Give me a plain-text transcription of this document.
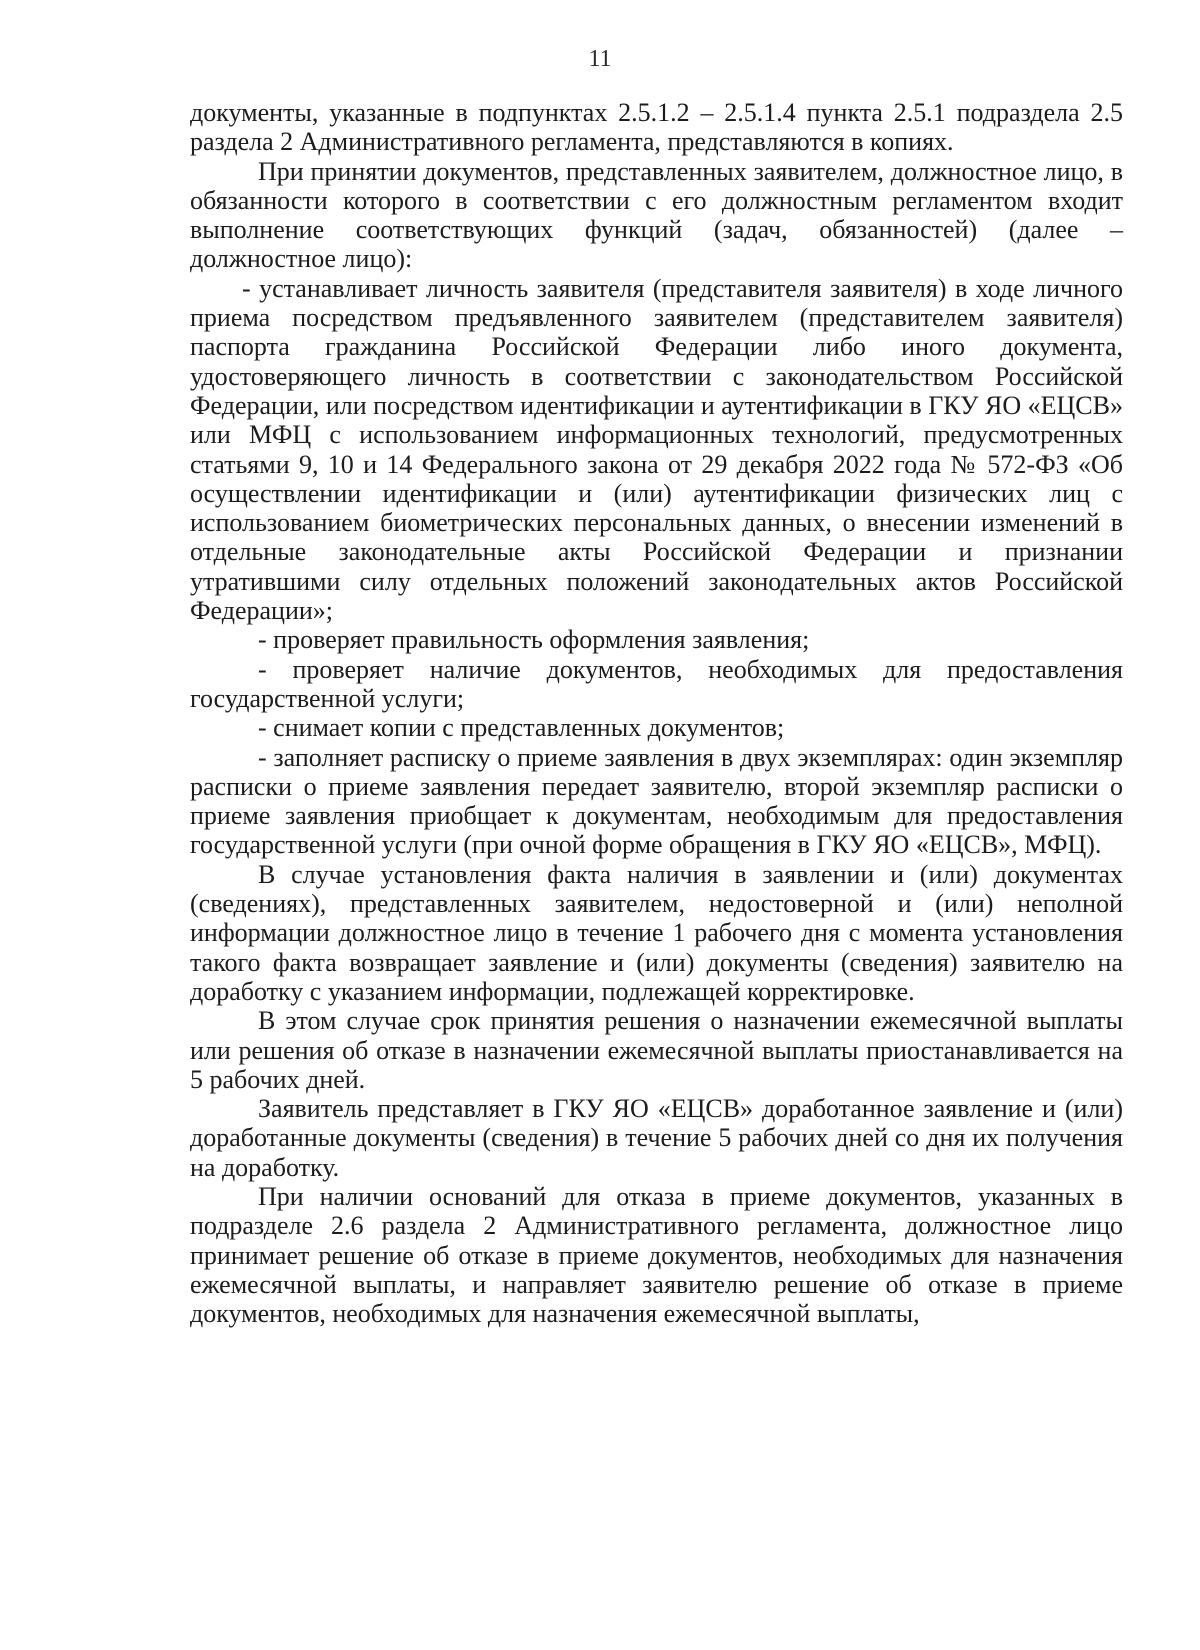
11

документы, указанные в подпунктах 2.5.1.2 – 2.5.1.4 пункта 2.5.1 подраздела 2.5 раздела 2 Административного регламента, представляются в копиях.

При принятии документов, представленных заявителем, должностное лицо, в обязанности которого в соответствии с его должностным регламентом входит выполнение соответствующих функций (задач, обязанностей) (далее – должностное лицо):

- устанавливает личность заявителя (представителя заявителя) в ходе личного приема посредством предъявленного заявителем (представителем заявителя) паспорта гражданина Российской Федерации либо иного документа, удостоверяющего личность в соответствии с законодательством Российской Федерации, или посредством идентификации и аутентификации в ГКУ ЯО «ЕЦСВ» или МФЦ с использованием информационных технологий, предусмотренных статьями 9, 10 и 14 Федерального закона от 29 декабря 2022 года № 572-ФЗ «Об осуществлении идентификации и (или) аутентификации физических лиц с использованием биометрических персональных данных, о внесении изменений в отдельные законодательные акты Российской Федерации и признании утратившими силу отдельных положений законодательных актов Российской Федерации»;

- проверяет правильность оформления заявления;

- проверяет наличие документов, необходимых для предоставления государственной услуги;

- снимает копии с представленных документов;

- заполняет расписку о приеме заявления в двух экземплярах: один экземпляр расписки о приеме заявления передает заявителю, второй экземпляр расписки о приеме заявления приобщает к документам, необходимым для предоставления государственной услуги (при очной форме обращения в ГКУ ЯО «ЕЦСВ», МФЦ).

В случае установления факта наличия в заявлении и (или) документах (сведениях), представленных заявителем, недостоверной и (или) неполной информации должностное лицо в течение 1 рабочего дня с момента установления такого факта возвращает заявление и (или) документы (сведения) заявителю на доработку с указанием информации, подлежащей корректировке.

В этом случае срок принятия решения о назначении ежемесячной выплаты или решения об отказе в назначении ежемесячной выплаты приостанавливается на 5 рабочих дней.

Заявитель представляет в ГКУ ЯО «ЕЦСВ» доработанное заявление и (или) доработанные документы (сведения) в течение 5 рабочих дней со дня их получения на доработку.

При наличии оснований для отказа в приеме документов, указанных в подразделе 2.6 раздела 2 Административного регламента, должностное лицо принимает решение об отказе в приеме документов, необходимых для назначения ежемесячной выплаты, и направляет заявителю решение об отказе в приеме документов, необходимых для назначения ежемесячной выплаты,
